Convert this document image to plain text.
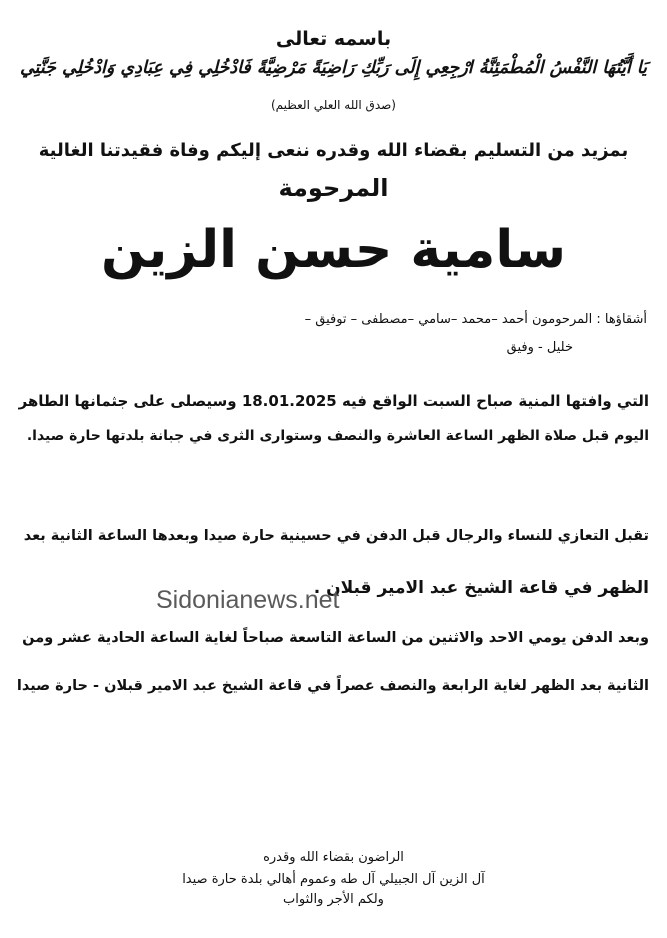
باسمه تعالى
يَا أَيَّتُهَا النَّفْسُ الْمُطْمَئِنَّةُ ارْجِعِي إِلَى رَبِّكِ رَاضِيَةً مَرْضِيَّةً فَادْخُلِي فِي عِبَادِي وَادْخُلِي جَنَّتِي
(صدق الله العلي العظيم)
بمزيد من التسليم بقضاء الله وقدره ننعى إليكم وفاة فقيدتنا الغالية
المرحومة
سامية حسن الزين
أشقاؤها : المرحومون أحمد –محمد –سامي –مصطفى – توفيق –
خليل - وفيق
التي وافتها المنية صباح السبت الواقع فيه 18.01.2025 وسيصلى على جثمانها الطاهر
اليوم قبل صلاة الظهر الساعة العاشرة والنصف وستوارى الثرى في جبانة بلدتها حارة صيدا.
تقبل التعازي للنساء والرجال قبل الدفن في حسينية حارة صيدا وبعدها الساعة الثانية بعد
الظهر في قاعة الشيخ عبد الامير قبلان .
وبعد الدفن يومي الاحد والاثنين من الساعة التاسعة صباحاً لغاية الساعة الحادية عشر ومن
الثانية بعد الظهر لغاية الرابعة والنصف عصراً في قاعة الشيخ عبد الامير قبلان - حارة صيدا
Sidonianews.net
الراضون بقضاء الله وقدره
آل الزين آل الجبيلي آل طه وعموم أهالي بلدة حارة صيدا
ولكم الأجر والثواب
